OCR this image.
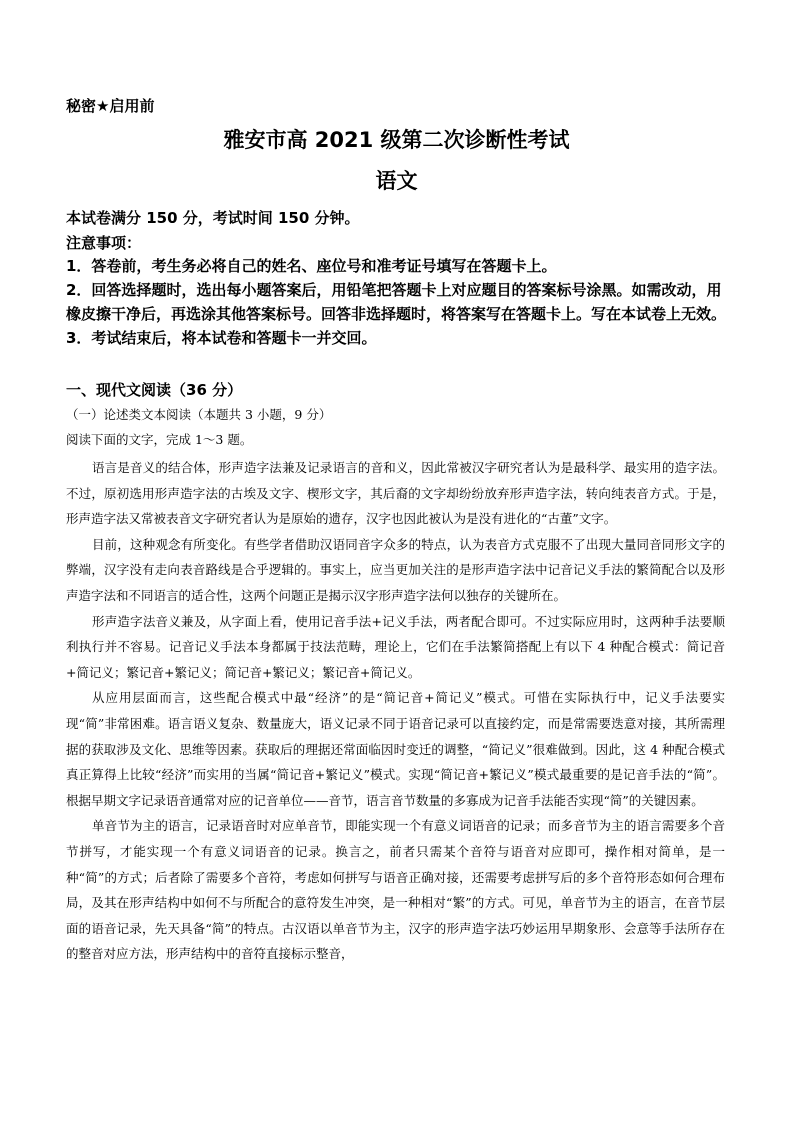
秘密★启用前
雅安市高 2021 级第二次诊断性考试
语文
本试卷满分 150 分，考试时间 150 分钟。
注意事项：
1．答卷前，考生务必将自己的姓名、座位号和准考证号填写在答题卡上。
2．回答选择题时，选出每小题答案后，用铅笔把答题卡上对应题目的答案标号涂黑。如需改动，用橡皮擦干净后，再选涂其他答案标号。回答非选择题时，将答案写在答题卡上。写在本试卷上无效。
3．考试结束后，将本试卷和答题卡一并交回。
一、现代文阅读（36 分）
（一）论述类文本阅读（本题共 3 小题，9 分）
阅读下面的文字，完成 1～3 题。

语言是音义的结合体，形声造字法兼及记录语言的音和义，因此常被汉字研究者认为是最科学、最实用的造字法。不过，原初选用形声造字法的古埃及文字、楔形文字，其后裔的文字却纷纷放弃形声造字法，转向纯表音方式。于是，形声造字法又常被表音文字研究者认为是原始的遗存，汉字也因此被认为是没有进化的“古董”文字。

目前，这种观念有所变化。有些学者借助汉语同音字众多的特点，认为表音方式克服不了出现大量同音同形文字的弊端，汉字没有走向表音路线是合乎逻辑的。事实上，应当更加关注的是形声造字法中记音记义手法的繁简配合以及形声造字法和不同语言的适合性，这两个问题正是揭示汉字形声造字法何以独存的关键所在。

形声造字法音义兼及，从字面上看，使用记音手法+记义手法，两者配合即可。不过实际应用时，这两种手法要顺利执行并不容易。记音记义手法本身都属于技法范畴，理论上，它们在手法繁简搭配上有以下 4 种配合模式：简记音+简记义；繁记音+繁记义；简记音+繁记义；繁记音+简记义。

从应用层面而言，这些配合模式中最“经济”的是“简记音+简记义”模式。可惜在实际执行中，记义手法要实现“简”非常困难。语言语义复杂、数量庞大，语义记录不同于语音记录可以直接约定，而是常需要迭意对接，其所需理据的获取涉及文化、思维等因素。获取后的理据还常面临因时变迁的调整，“简记义”很难做到。因此，这 4 种配合模式真正算得上比较“经济”而实用的当属“简记音+繁记义”模式。实现“简记音+繁记义”模式最重要的是记音手法的“简”。根据早期文字记录语音通常对应的记音单位——音节，语言音节数量的多寡成为记音手法能否实现“简”的关键因素。

单音节为主的语言，记录语音时对应单音节，即能实现一个有意义词语音的记录；而多音节为主的语言需要多个音节拼写，才能实现一个有意义词语音的记录。换言之，前者只需某个音符与语音对应即可，操作相对简单，是一种“简”的方式；后者除了需要多个音符，考虑如何拼写与语音正确对接，还需要考虑拼写后的多个音符形态如何合理布局，及其在形声结构中如何不与所配合的意符发生冲突，是一种相对“繁”的方式。可见，单音节为主的语言，在音节层面的语音记录，先天具备“简”的特点。古汉语以单音节为主，汉字的形声造字法巧妙运用早期象形、会意等手法所存在的整音对应方法，形声结构中的音符直接标示整音，
